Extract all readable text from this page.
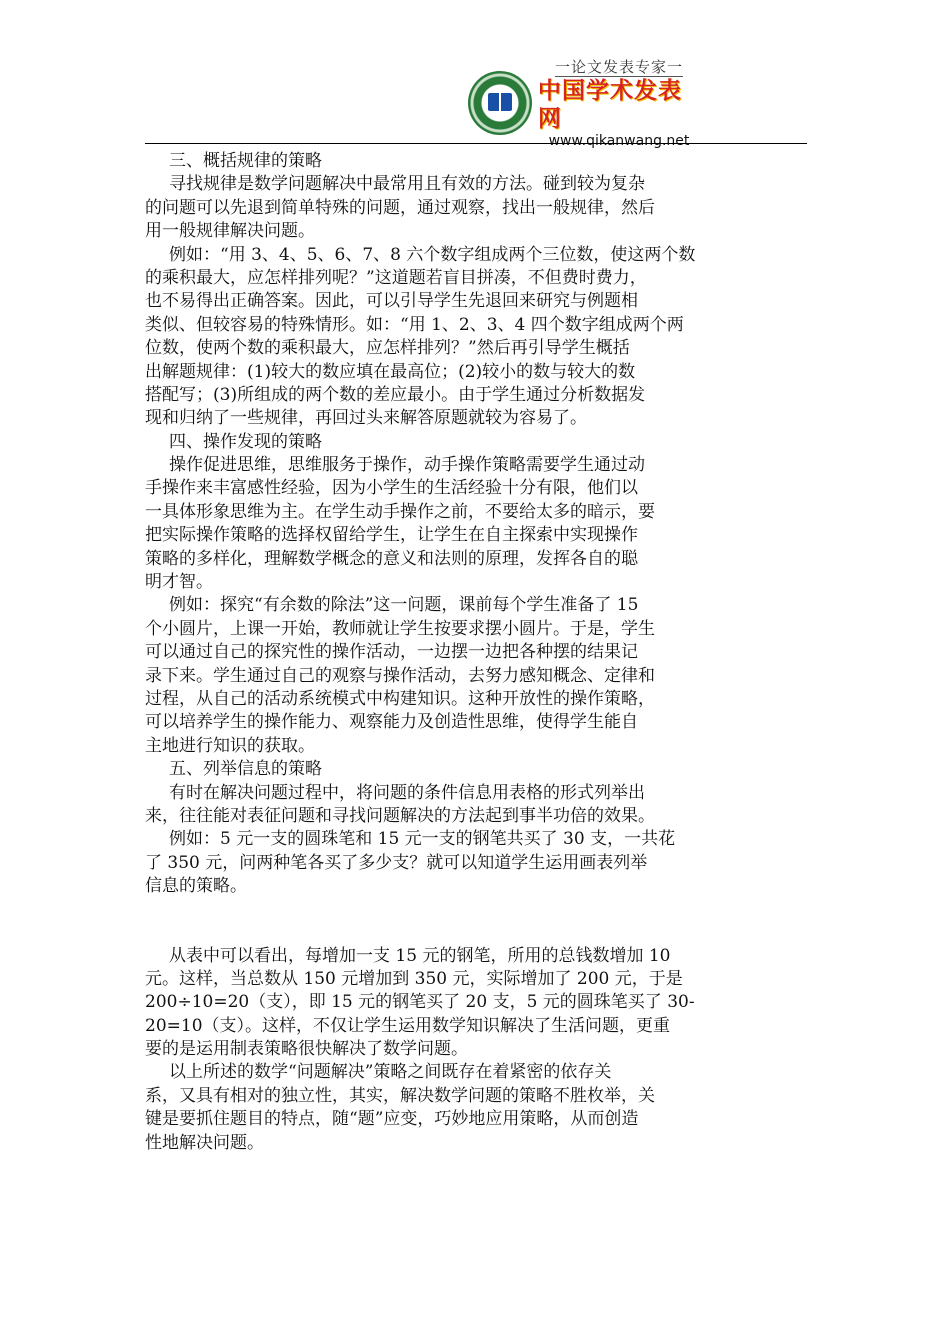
一论文发表专家一
中国学术发表网
www.qikanwang.net
三、概括规律的策略
寻找规律是数学问题解决中最常用且有效的方法。碰到较为复杂
的问题可以先退到简单特殊的问题，通过观察，找出一般规律，然后
用一般规律解决问题。
例如：“用 3、4、5、6、7、8 六个数字组成两个三位数，使这两个数
的乘积最大，应怎样排列呢？”这道题若盲目拼凑，不但费时费力，
也不易得出正确答案。因此，可以引导学生先退回来研究与例题相
类似、但较容易的特殊情形。如：“用 1、2、3、4 四个数字组成两个两
位数，使两个数的乘积最大，应怎样排列？”然后再引导学生概括
出解题规律：(1)较大的数应填在最高位；(2)较小的数与较大的数
搭配写；(3)所组成的两个数的差应最小。由于学生通过分析数据发
现和归纳了一些规律，再回过头来解答原题就较为容易了。
四、操作发现的策略
操作促进思维，思维服务于操作，动手操作策略需要学生通过动
手操作来丰富感性经验，因为小学生的生活经验十分有限，他们以
一具体形象思维为主。在学生动手操作之前，不要给太多的暗示，要
把实际操作策略的选择权留给学生，让学生在自主探索中实现操作
策略的多样化，理解数学概念的意义和法则的原理，发挥各自的聪
明才智。
例如：探究“有余数的除法”这一问题，课前每个学生准备了 15
个小圆片，上课一开始，教师就让学生按要求摆小圆片。于是，学生
可以通过自己的探究性的操作活动，一边摆一边把各种摆的结果记
录下来。学生通过自己的观察与操作活动，去努力感知概念、定律和
过程，从自己的活动系统模式中构建知识。这种开放性的操作策略，
可以培养学生的操作能力、观察能力及创造性思维，使得学生能自
主地进行知识的获取。
五、列举信息的策略
有时在解决问题过程中，将问题的条件信息用表格的形式列举出
来，往往能对表征问题和寻找问题解决的方法起到事半功倍的效果。
例如：5 元一支的圆珠笔和 15 元一支的钢笔共买了 30 支，一共花
了 350 元，问两种笔各买了多少支？就可以知道学生运用画表列举
信息的策略。
从表中可以看出，每增加一支 15 元的钢笔，所用的总钱数增加 10
元。这样，当总数从 150 元增加到 350 元，实际增加了 200 元，于是
200÷10=20（支），即 15 元的钢笔买了 20 支，5 元的圆珠笔买了 30-
20=10（支）。这样，不仅让学生运用数学知识解决了生活问题，更重
要的是运用制表策略很快解决了数学问题。
以上所述的数学“问题解决”策略之间既存在着紧密的依存关
系，又具有相对的独立性，其实，解决数学问题的策略不胜枚举，关
键是要抓住题目的特点，随“题”应变，巧妙地应用策略，从而创造
性地解决问题。
